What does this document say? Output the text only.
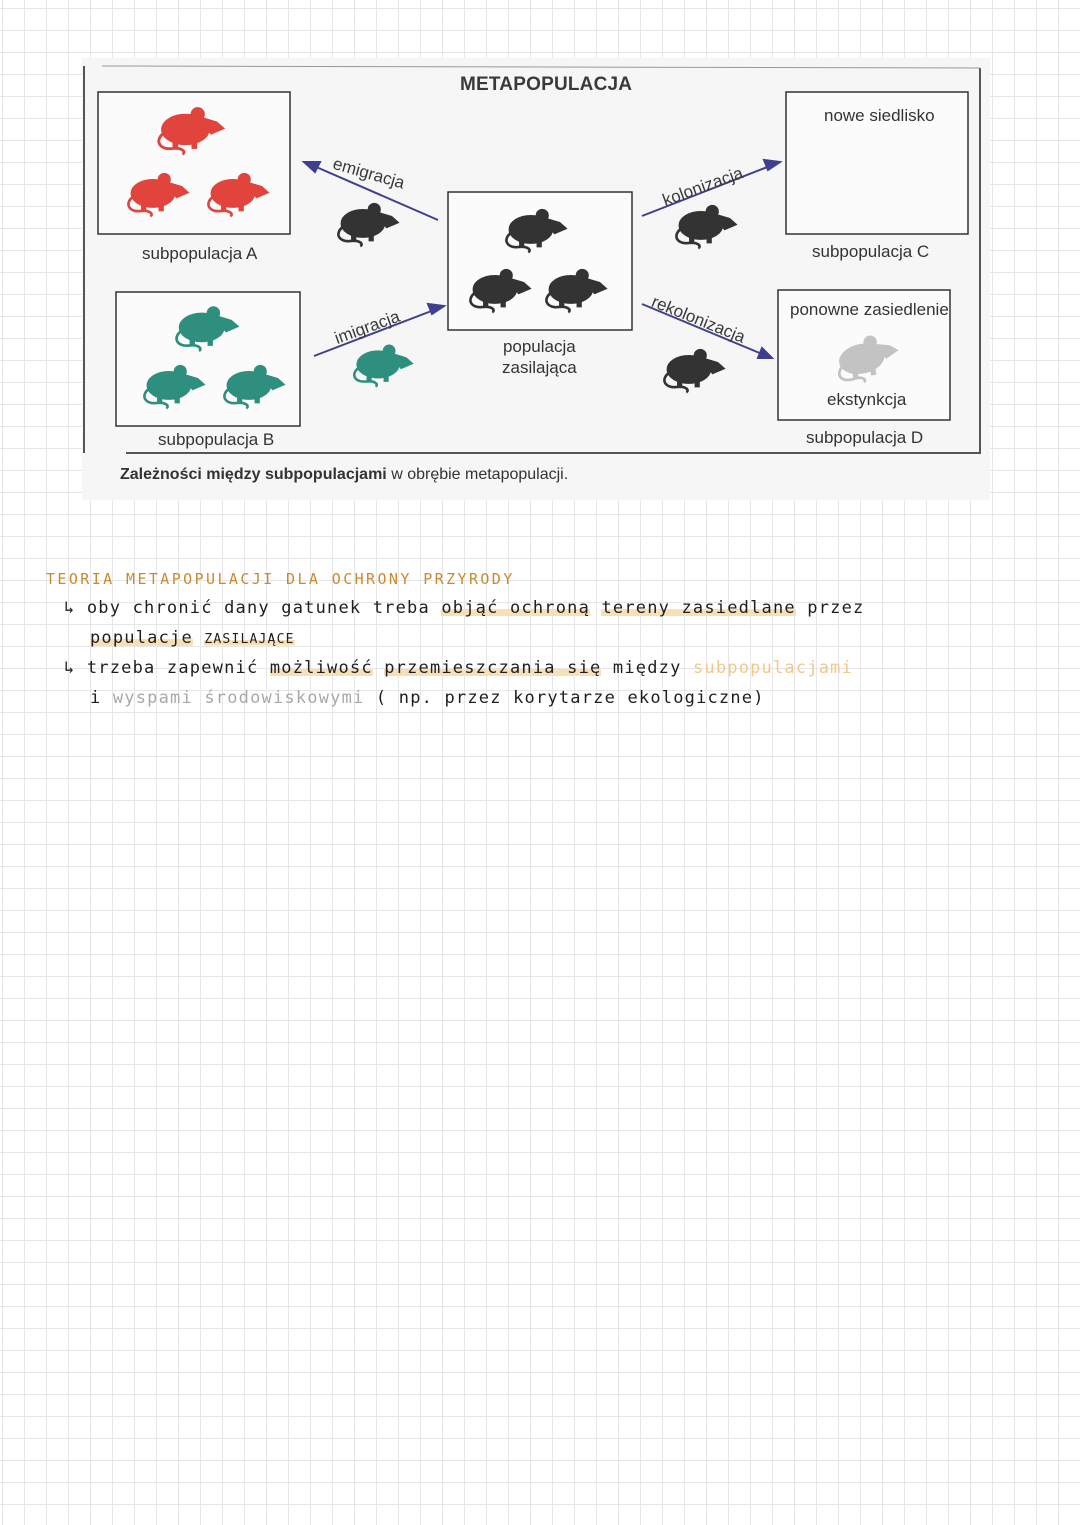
METAPOPULACJA
subpopulacja A
subpopulacja B
subpopulacja C
subpopulacja D
nowe siedlisko
ponowne zasiedlenie
ekstynkcja
populacja
zasilająca
emigracja
imigracja
kolonizacja
rekolonizacja
Zależności między subpopulacjami w obrębie metapopulacji.
TEORIA METAPOPULACJI DLA OCHRONY PRZYRODY
↳ oby chronić dany gatunek treba objąć ochroną tereny zasiedlane przez
populacje ZASILAJĄCE
↳ trzeba zapewnić możliwość przemieszczania się między subpopulacjami
i wyspami środowiskowymi ( np. przez korytarze ekologiczne)
